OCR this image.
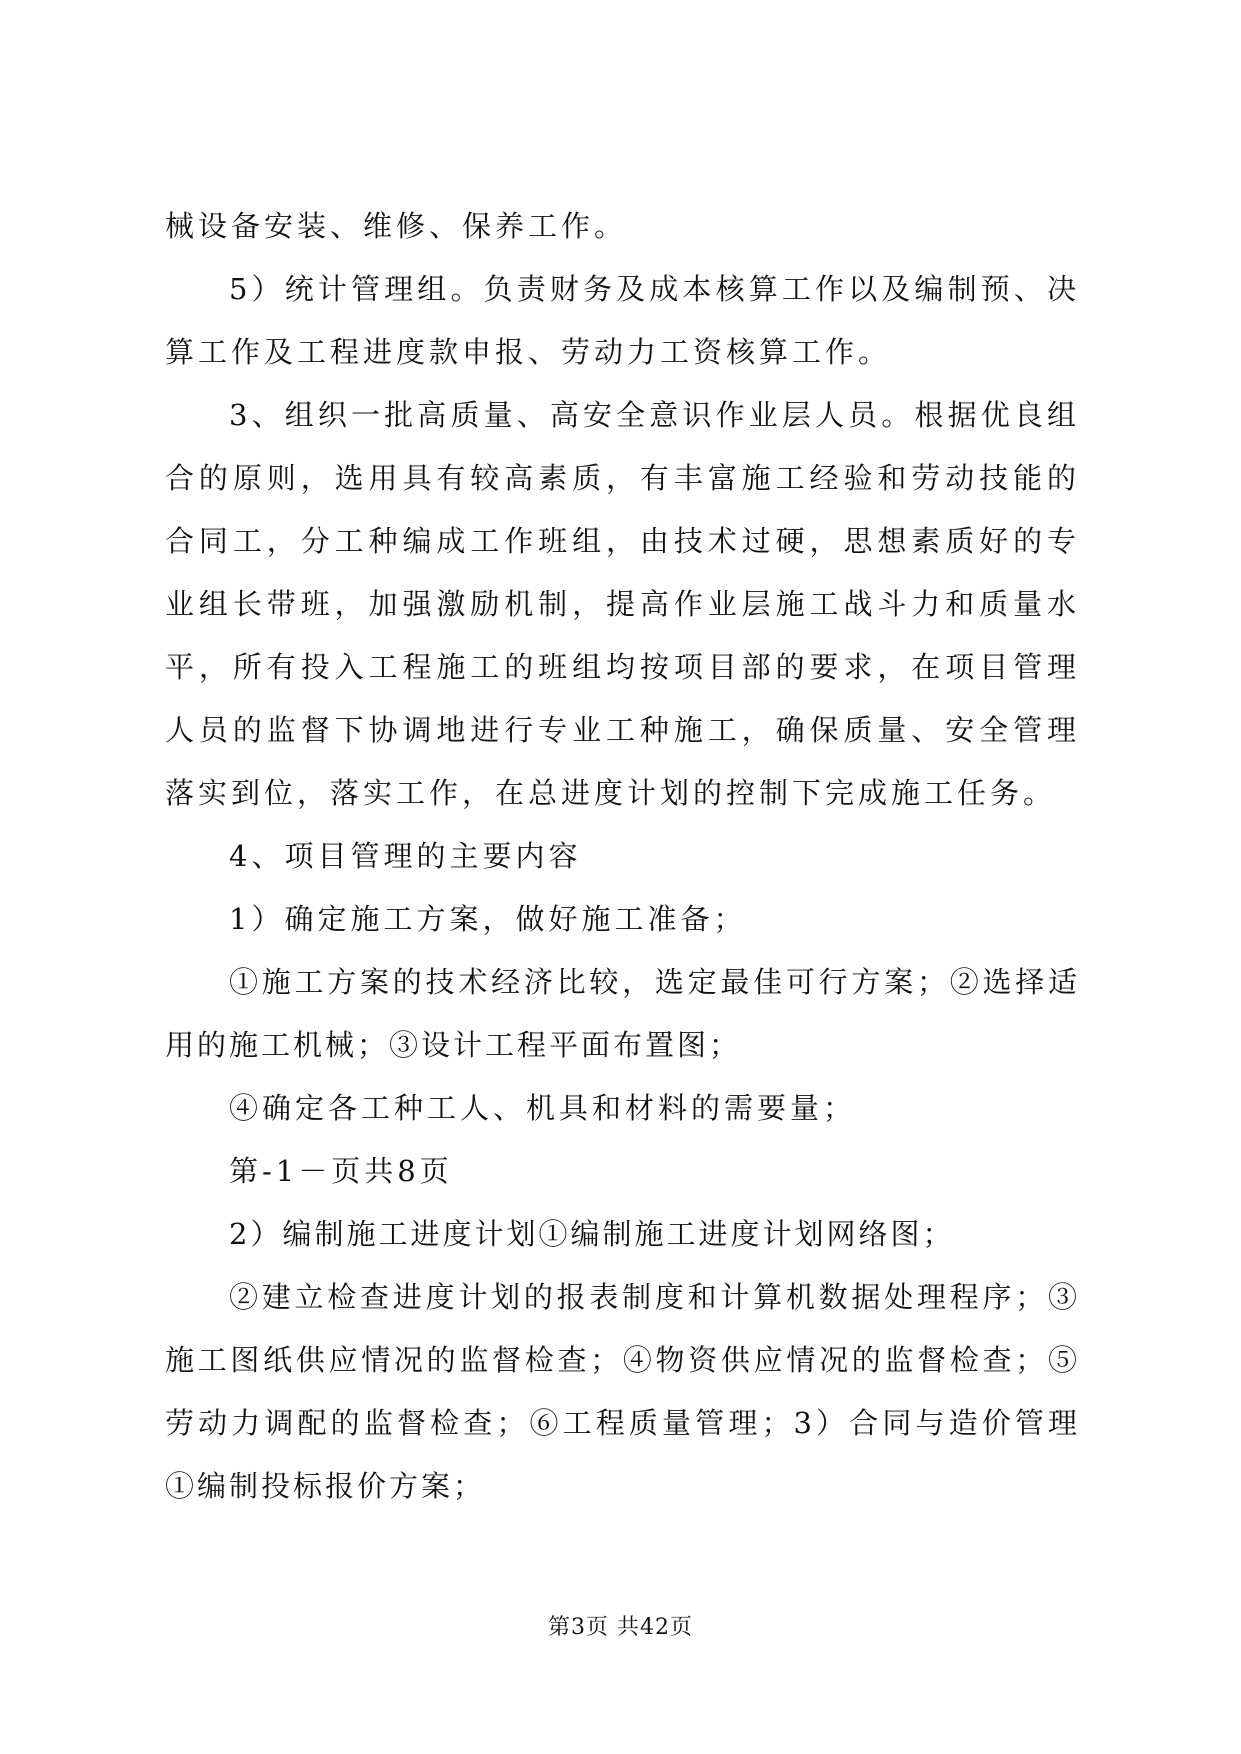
械设备安装、维修、保养工作。

5）统计管理组。负责财务及成本核算工作以及编制预、决算工作及工程进度款申报、劳动力工资核算工作。

3、组织一批高质量、高安全意识作业层人员。根据优良组合的原则，选用具有较高素质，有丰富施工经验和劳动技能的合同工，分工种编成工作班组，由技术过硬，思想素质好的专业组长带班，加强激励机制，提高作业层施工战斗力和质量水平，所有投入工程施工的班组均按项目部的要求，在项目管理人员的监督下协调地进行专业工种施工，确保质量、安全管理落实到位，落实工作，在总进度计划的控制下完成施工任务。

4、项目管理的主要内容

1）确定施工方案，做好施工准备；

①施工方案的技术经济比较，选定最佳可行方案；②选择适用的施工机械；③设计工程平面布置图；

④确定各工种工人、机具和材料的需要量；

第-1－页共8页

2）编制施工进度计划①编制施工进度计划网络图；

②建立检查进度计划的报表制度和计算机数据处理程序；③施工图纸供应情况的监督检查；④物资供应情况的监督检查；⑤劳动力调配的监督检查；⑥工程质量管理；3）合同与造价管理①编制投标报价方案；

第3页 共42页
